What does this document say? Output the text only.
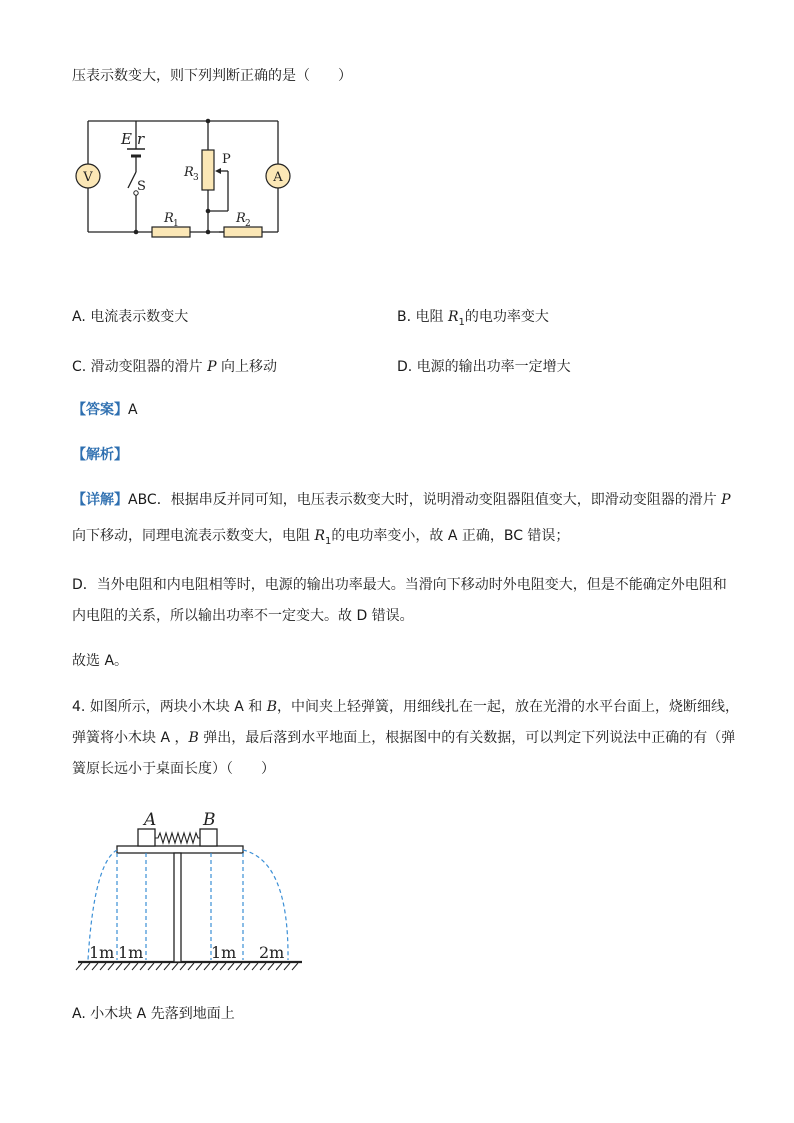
压表示数变大，则下列判断正确的是（　　）
V	A
E r
S
R 3
P
R 1	R 2
A. 电流表示数变大	B. 电阻 $R_1$的电功率变大
C. 滑动变阻器的滑片 P 向上移动	D. 电源的输出功率一定增大
【答案】A
【解析】
【详解】ABC．根据串反并同可知，电压表示数变大时，说明滑动变阻器阻值变大，即滑动变阻器的滑片 P
向下移动，同理电流表示数变大，电阻 $R_1$的电功率变小，故 A 正确，BC 错误；
D．当外电阻和内电阻相等时，电源的输出功率最大。当滑向下移动时外电阻变大，但是不能确定外电阻和
内电阻的关系，所以输出功率不一定变大。故 D 错误。
故选 A。
4. 如图所示，两块小木块 A 和 B，中间夹上轻弹簧，用细线扎在一起，放在光滑的水平台面上，烧断细线，
弹簧将小木块 A ，B 弹出，最后落到水平地面上，根据图中的有关数据，可以判定下列说法中正确的有（弹
簧原长远小于桌面长度）（　　）
A	B
1m 1m	1m 2m
A. 小木块 A 先落到地面上
